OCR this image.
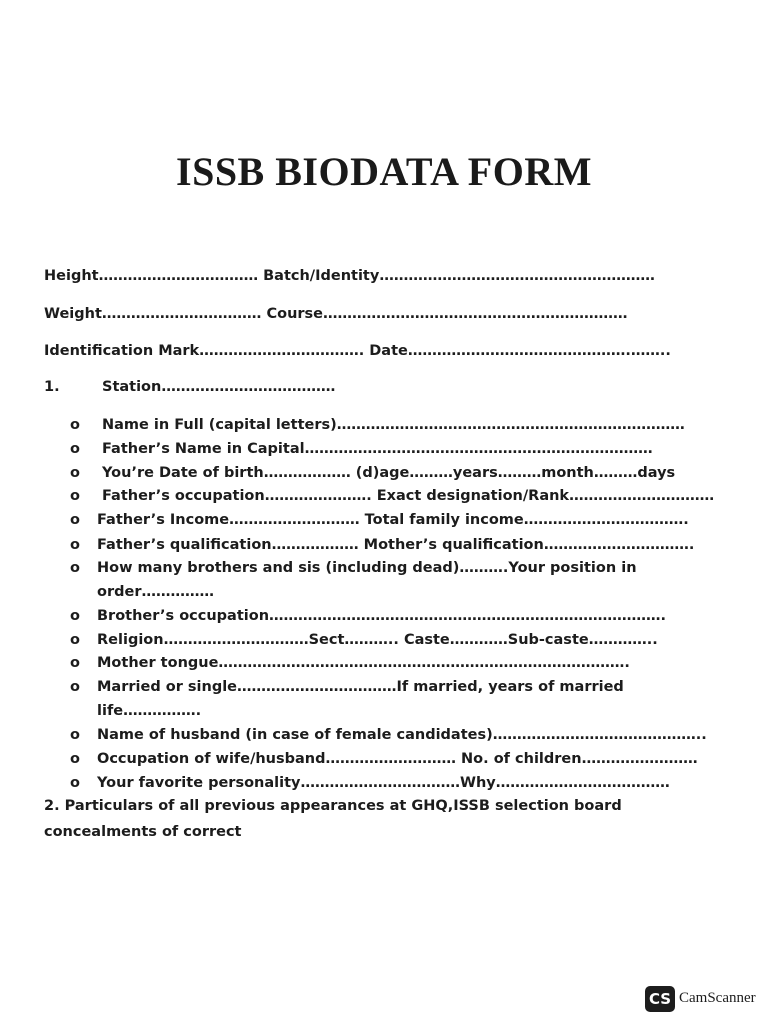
ISSB BIODATA FORM
Height…………………………… Batch/Identity…………………………………………………
Weight…………………………… Course………………………………………………………
Identification Mark……………………………. Date……………………………………….……..
1.	Station………………………………
o Name in Full (capital letters)………………………………………………………………
o Father’s Name in Capital………………………………………………………………
o You’re Date of birth……………… (d)age………years………month………days
o Father’s occupation…………………. Exact designation/Rank…………………………
o Father’s Income……………………… Total family income…………………………….
o Father’s qualification……………… Mother’s qualification………………………….
o How many brothers and sis (including dead)……….Your position in
order……………
o Brother’s occupation……………………………………………………………………….
o Religion…………………………Sect……….. Caste…………Sub-caste…………..
o Mother tongue………………………………………………………………………….
o Married or single……………………………If married, years of married
life…………….
o Name of husband (in case of female candidates)……………………………………..
o Occupation of wife/husband……………………… No. of children……………………
o Your favorite personality……………………………Why………………………………
2. Particulars of all previous appearances at GHQ,ISSB selection board
concealments of correct
CS CamScanner
